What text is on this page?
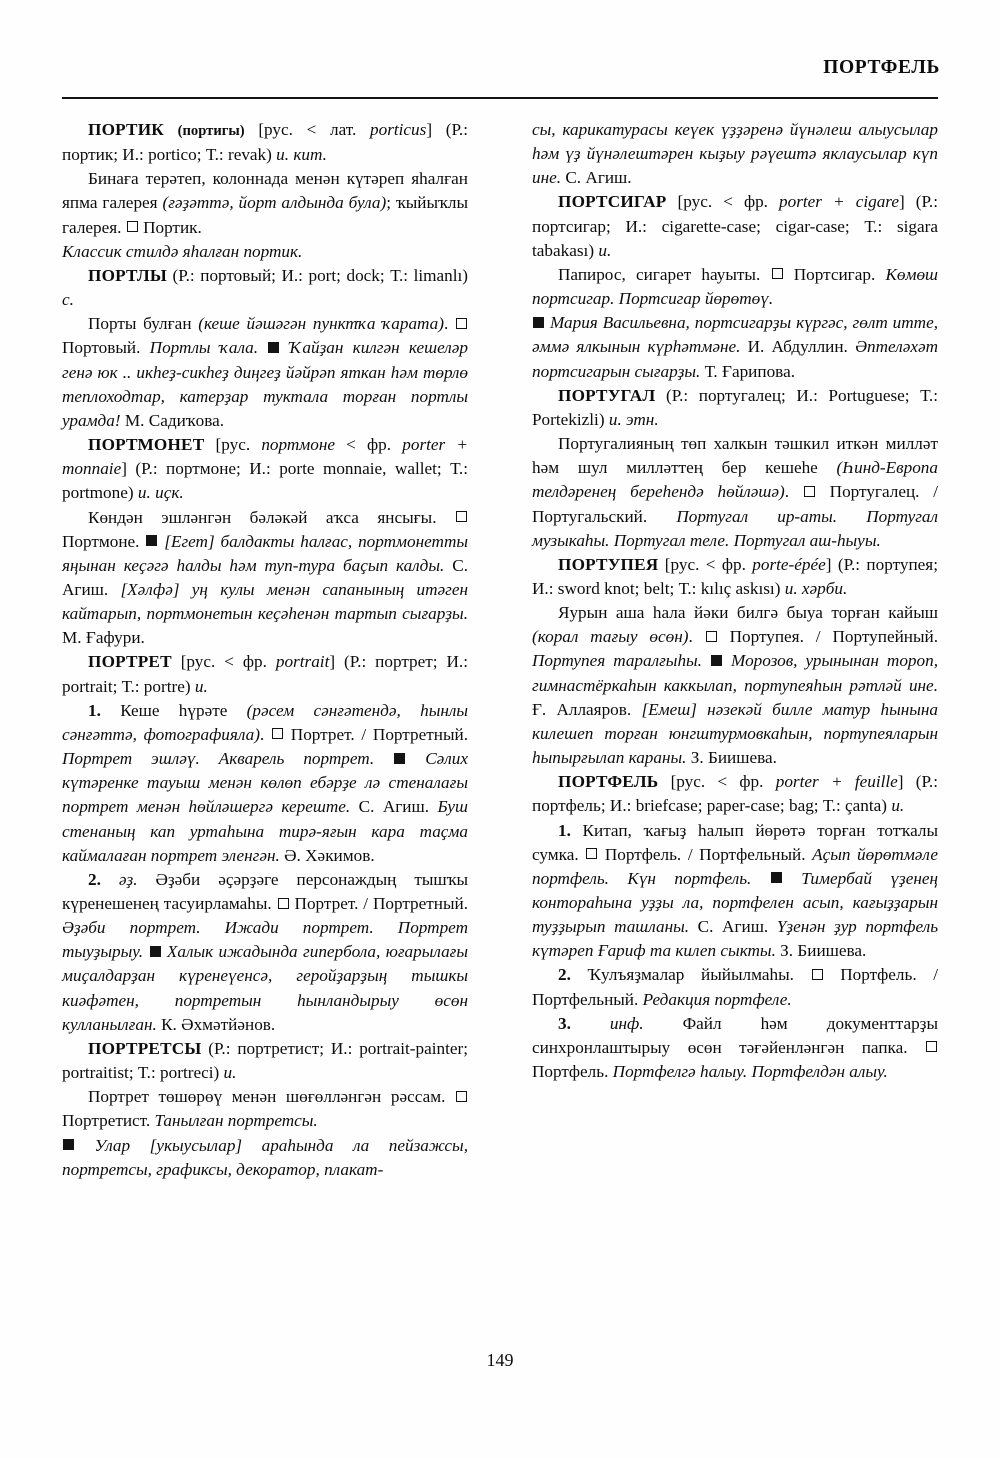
ПОРТФЕЛЬ

ПОРТИК (портигы) [рус. < лат. porticus] (Р.: портик; И.: portico; Т.: revak) и. кит.

Бинаға терәтеп, колоннада менән күтәреп яһалған япма галерея (ғәҙәттә, йорт алдында була); ҡыйыҡлы галерея.  Портик.
Классик стилдә яһалған портик.

ПОРТЛЫ (Р.: портовый; И.: port; dock; Т.: limanlı) с.

Порты булған (кеше йәшәгән пунктҡа ҡарата).  Портовый. Портлы ҡала. Ҡайҙан килгән кешеләр генә юк .. икһеҙ-сикһеҙ диңгеҙ йәйрәп яткан һәм төрлө теплоходтар, катерҙар туктала торған портлы урамда! М. Садиҡова.

ПОРТМОНЕТ [рус. портмоне < фр. porter + monnaie] (Р.: портмоне; И.: porte monnaie, wallet; Т.: portmone) и. иҫк.

Көндән эшләнгән бәләкәй аҡса янсығы.  Портмоне. [Егет] балдакты һалғас, портмонетты яңынан кеҫәгә һалды һәм туп-тура баҫып калды. С. Агиш. [Хәлфә] уң кулы менән сапанының итәген кайтарып, портмонетын кеҫәһенән тартып сығарҙы. М. Ғафури.

ПОРТРЕТ [рус. < фр. portrait] (Р.: портрет; И.: portrait; Т.: portre) и.

1. Кеше һүрәте (рәсем сәнғәтендә, һынлы сәнғәттә, фотографияла).  Портрет. / Портретный. Портрет эшләү. Акварель портрет.	Сәлих күтәренке тауыш менән көлөп ебәрҙе лә стеналағы портрет менән һөйләшергә кереште. С. Агиш. Буш стенаның кап уртаһына тирә-яғын кара таҫма каймалаған портрет эленгән. Ә. Хәкимов.

2. әҙ. Әҙәби әҫәрҙәге персонаждың тышҡы күренешенең тасуирламаһы. Портрет. / Портретный. Әҙәби портрет. Ижади портрет. Портрет тыуҙырыу. Халык ижадында гипербола, юғарылағы миҫалдарҙан күренеүенсә, геройҙарҙың тышкы киәфәтен, портретын һынландырыу өсөн кулланылған. К. Әхмәтйәнов.

ПОРТРЕТСЫ (Р.: портретист; И.: portrait-painter; portraitist; Т.: portreci) и.

Портрет төшөрөү менән шөғөлләнгән рәссам.  Портретист. Танылған портретсы.

Улар [укыусылар] араһында ла пейзажсы, портретсы, графиксы, декоратор, плакат-

сы, карикатурасы кеүек үҙҙәренә йүнәлеш алыусылар һәм үҙ йүнәлештәрен кыҙыу рәүештә яклаусылар күп ине. С. Агиш.

ПОРТСИГАР [рус. < фр. porter + cigare] (Р.: портсигар; И.: cigarette-case; cigar-case; Т.: sigara tabakası) и.

Папирос, сигарет һауыты. Портсигар. Көмөш портсигар. Портсигар йөрөтөү.

Мария Васильевна, портсигарҙы күргәс, гөлт итте, әммә ялкынын күрһәтмәне. И. Абдуллин. Әптеләхәт портсигарын сығарҙы. Т. Ғарипова.

ПОРТУГАЛ (Р.: португалец; И.: Portuguese; Т.: Portekizli) и. этн.

Португалияның төп халкын тәшкил иткән милләт һәм шул милләттең бер кешеһе (Һинд-Европа телдәренең береһендә һөйләшә).  Португалец. / Португальский. Португал ир-аты. Португал музыкаһы. Португал теле. Португал аш-һыуы.

ПОРТУПЕЯ [рус. < фр. porte-épée] (Р.: портупея; И.: sword knot; belt; Т.: kılıç askısı) и. хәрби.

Яурын аша һала йәки билгә быуа торған кайыш (корал тағыу өсөн).  Портупея. / Портупейный. Портупея таралғыһы. Морозов, урынынан тороп, гимнастёркаһын каккылап, портупеяһын рәтләй ине. Ғ. Аллаяров. [Емеш] нәзекәй билле матур һынына килешеп торған юнгштурмовкаһын, портупеяларын һыпырғылап караны. З. Биишева.

ПОРТФЕЛЬ [рус. < фр. porter + feuille] (Р.: портфель; И.: briefcase; paper-case; bag; Т.: çanta) и.

1. Китап, ҡағыҙ һалып йөрөтә торған тотҡалы сумка. Портфель. / Портфельный. Аҫып йөрөтмәле портфель. Күн портфель.	Тимербай үҙенең контораһына уҙҙы ла, портфелен асып, кағыҙҙарын туҙҙырып ташланы. С. Агиш. Үҙенән ҙур портфель күтәреп Ғариф та килеп сыкты. З. Биишева.

2. Ҡулъяҙмалар йыйылмаһы.	Портфель. / Портфельный. Редакция портфеле.

3. инф. Файл һәм документтарҙы синхронлаштырыу өсөн тәғәйенләнгән папка.  Портфель. Портфелгә һалыу. Портфелдән алыу.

149
